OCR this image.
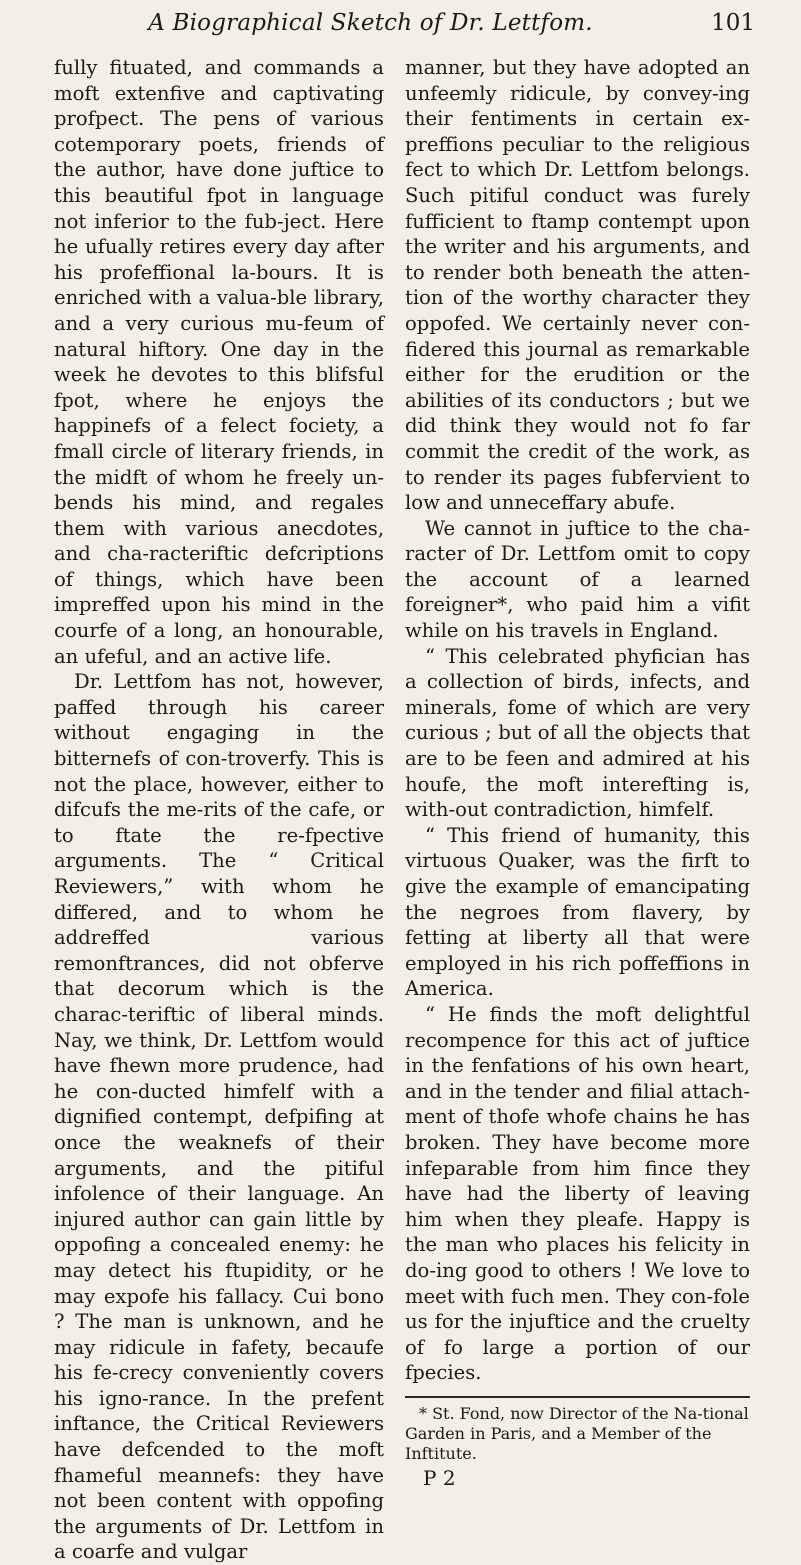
A Biographical Sketch of Dr. Lettfom.	101

fully fituated, and commands a moft extenfive and captivating profpect. The pens of various cotemporary poets, friends of the author, have done juftice to this beautiful fpot in language not inferior to the fub-ject. Here he ufually retires every day after his profeffional la-bours. It is enriched with a valua-ble library, and a very curious mu-feum of natural hiftory. One day in the week he devotes to this blifsful fpot, where he enjoys the happinefs of a felect fociety, a fmall circle of literary friends, in the midft of whom he freely un-bends his mind, and regales them with various anecdotes, and cha-racteriftic defcriptions of things, which have been impreffed upon his mind in the courfe of a long, an honourable, an ufeful, and an active life.

Dr. Lettfom has not, however, paffed through his career without engaging in the bitternefs of con-troverfy. This is not the place, however, either to difcufs the me-rits of the cafe, or to ftate the re-fpective arguments. The “ Critical Reviewers,” with whom he differed, and to whom he addreffed various remonftrances, did not obferve that decorum which is the charac-teriftic of liberal minds. Nay, we think, Dr. Lettfom would have fhewn more prudence, had he con-ducted himfelf with a dignified contempt, defpifing at once the weaknefs of their arguments, and the pitiful infolence of their language. An injured author can gain little by oppofing a concealed enemy: he may detect his ftupidity, or he may expofe his fallacy. Cui bono ? The man is unknown, and he may ridicule in fafety, becaufe his fe-crecy conveniently covers his igno-rance. In the prefent inftance, the Critical Reviewers have defcended to the moft fhameful meannefs: they have not been content with oppofing the arguments of Dr. Lettfom in a coarfe and vulgar

manner, but they have adopted an unfeemly ridicule, by convey-ing their fentiments in certain ex-preffions peculiar to the religious fect to which Dr. Lettfom belongs. Such pitiful conduct was furely fufficient to ftamp contempt upon the writer and his arguments, and to render both beneath the atten-tion of the worthy character they oppofed. We certainly never con-fidered this journal as remarkable either for the erudition or the abilities of its conductors ; but we did think they would not fo far commit the credit of the work, as to render its pages fubfervient to low and unneceffary abufe.

We cannot in juftice to the cha-racter of Dr. Lettfom omit to copy the account of a learned foreigner*, who paid him a vifit while on his travels in England.

“ This celebrated phyfician has a collection of birds, infects, and minerals, fome of which are very curious ; but of all the objects that are to be feen and admired at his houfe, the moft interefting is, with-out contradiction, himfelf.

“ This friend of humanity, this virtuous Quaker, was the firft to give the example of emancipating the negroes from flavery, by fetting at liberty all that were employed in his rich poffeffions in America.

“ He finds the moft delightful recompence for this act of juftice in the fenfations of his own heart, and in the tender and filial attach-ment of thofe whofe chains he has broken. They have become more infeparable from him fince they have had the liberty of leaving him when they pleafe. Happy is the man who places his felicity in do-ing good to others ! We love to meet with fuch men. They con-fole us for the injuftice and the cruelty of fo large a portion of our fpecies.

* St. Fond, now Director of the Na-tional Garden in Paris, and a Member of the Inftitute.
P 2
